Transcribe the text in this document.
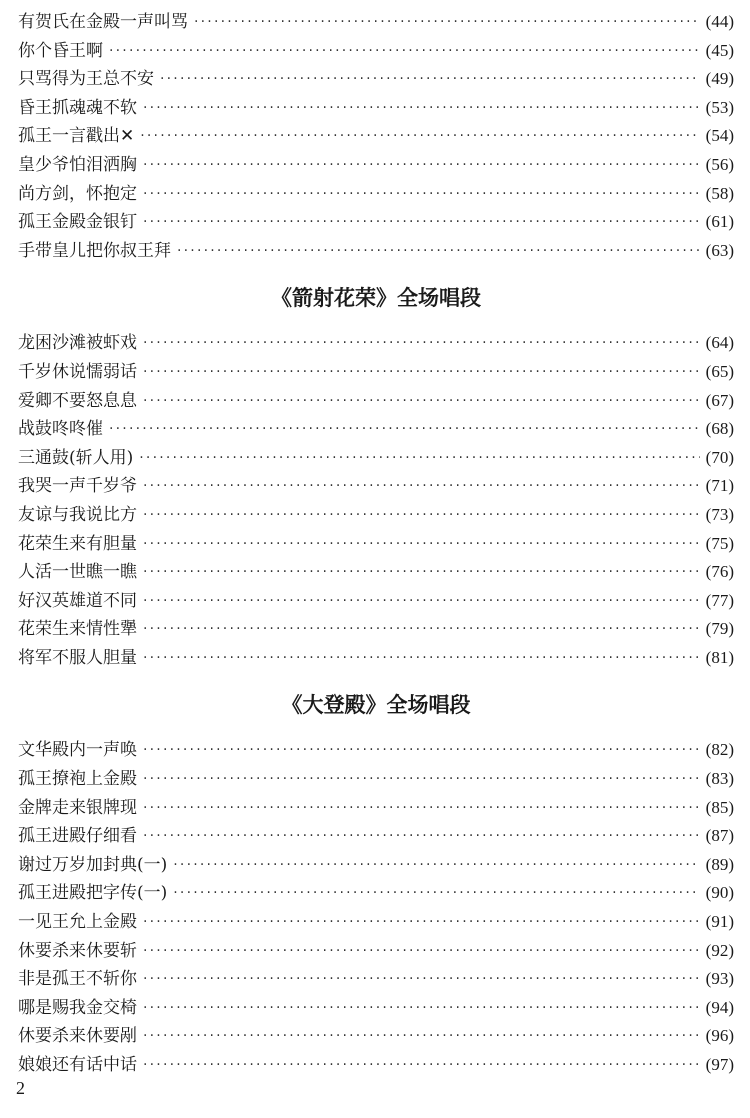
有贺氏在金殿一声叫骂 ·····	(44)
你个昏王啊 ·····	(45)
只骂得为王总不安 ·····	(49)
昏王抓魂魂不软 ·····	(53)
孤王一言戳出✕ ·····	(54)
皇少爷怕泪洒胸 ·····	(56)
尚方剑，怀抱定 ·····	(58)
孤王金殿金银钉 ·····	(61)
手带皇儿把你叔王拜 ·····	(63)
《箭射花荣》全场唱段
龙困沙滩被虾戏 ·····	(64)
千岁休说懦弱话 ·····	(65)
爱卿不要怒息息 ·····	(67)
战鼓咚咚催 ·····	(68)
三通鼓(斩人用) ·····	(70)
我哭一声千岁爷 ·····	(71)
友谅与我说比方 ·····	(73)
花荣生来有胆量 ·····	(75)
人活一世瞧一瞧 ·····	(76)
好汉英雄道不同 ·····	(77)
花荣生来情性犟 ·····	(79)
将军不服人胆量 ·····	(81)
《大登殿》全场唱段
文华殿内一声唤 ·····	(82)
孤王撩袍上金殿 ·····	(83)
金牌走来银牌现 ·····	(85)
孤王进殿仔细看 ·····	(87)
谢过万岁加封典(一) ·····	(89)
孤王进殿把字传(一) ·····	(90)
一见王允上金殿 ·····	(91)
休要杀来休要斩 ·····	(92)
非是孤王不斩你 ·····	(93)
哪是赐我金交椅 ·····	(94)
休要杀来休要剐 ·····	(96)
娘娘还有话中话 ·····	(97)
2
